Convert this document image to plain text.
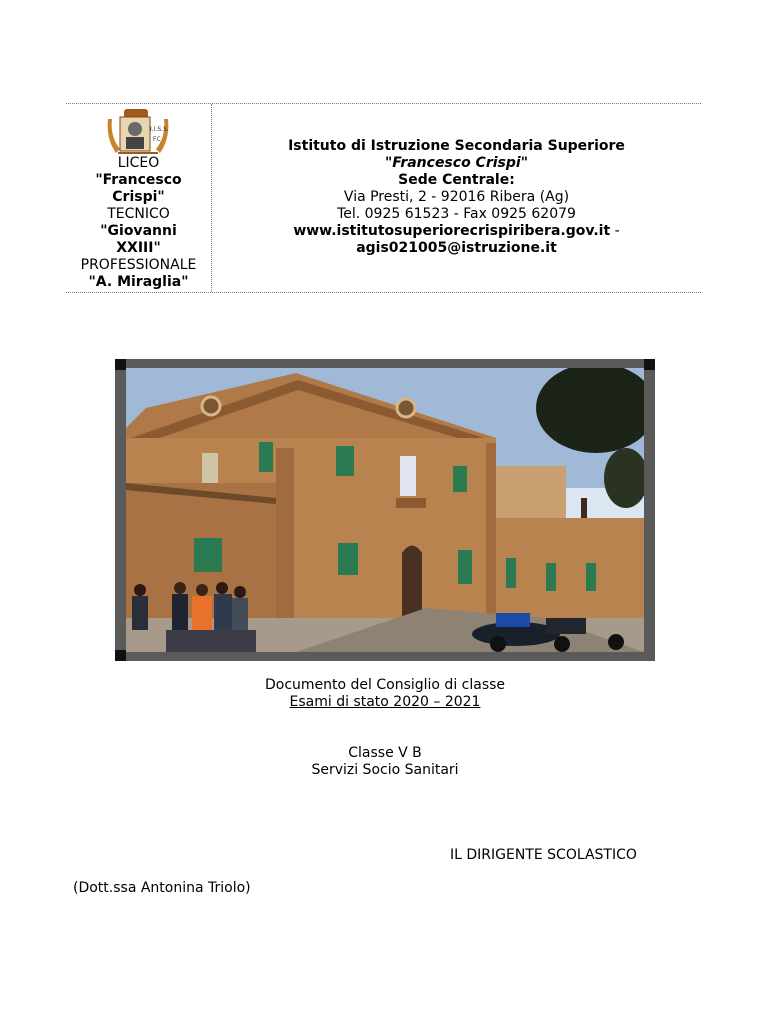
I.I.S.S.
FC
LICEO
"Francesco
Crispi"
TECNICO
"Giovanni
XXIII"
PROFESSIONALE
"A. Miraglia"
Istituto di Istruzione Secondaria Superiore
"Francesco Crispi"
Sede Centrale:
Via Presti, 2 - 92016 Ribera (Ag)
Tel. 0925 61523 - Fax 0925 62079
www.istitutosuperiorecrispiribera.gov.it -
agis021005@istruzione.it
Documento del Consiglio di classe
Esami di stato 2020 – 2021
Classe V B
Servizi Socio Sanitari
IL DIRIGENTE SCOLASTICO
(Dott.ssa Antonina Triolo)
